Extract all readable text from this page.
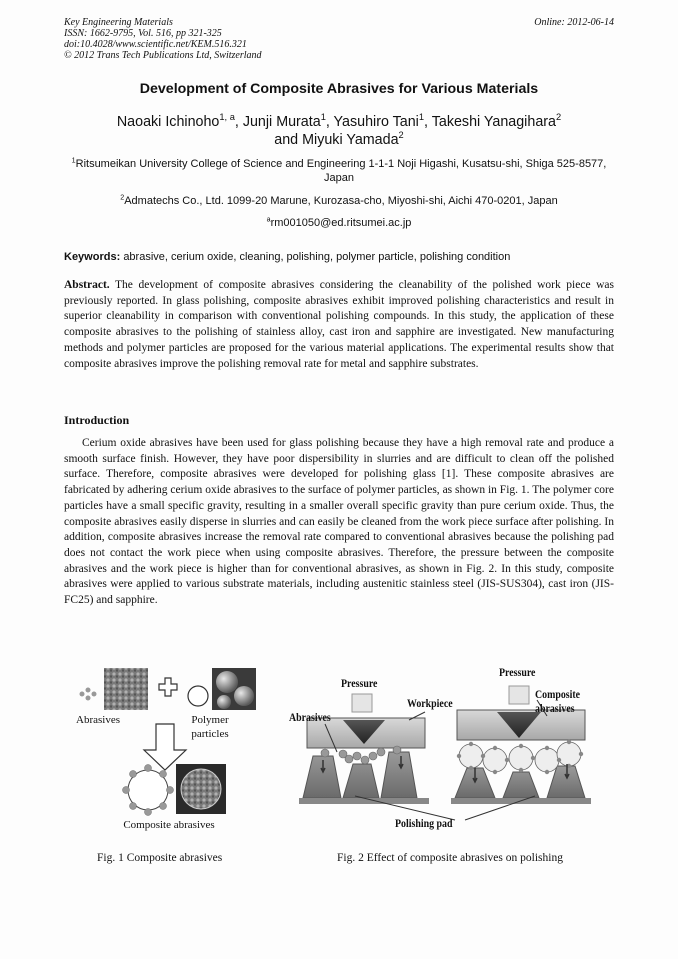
Key Engineering Materials
ISSN: 1662-9795, Vol. 516, pp 321-325
doi:10.4028/www.scientific.net/KEM.516.321
© 2012 Trans Tech Publications Ltd, Switzerland
Online: 2012-06-14
Development of Composite Abrasives for Various Materials
Naoaki Ichinoho$^{1, a}$, Junji Murata$^1$, Yasuhiro Tani$^1$, Takeshi Yanagihara$^2$
and Miyuki Yamada$^2$
$^1$Ritsumeikan University College of Science and Engineering 1-1-1 Noji Higashi, Kusatsu-shi, Shiga 525-8577, Japan
$^2$Admatechs Co., Ltd. 1099-20 Marune, Kurozasa-cho, Miyoshi-shi, Aichi 470-0201, Japan
$^a$rm001050@ed.ritsumei.ac.jp
Keywords: abrasive, cerium oxide, cleaning, polishing, polymer particle, polishing condition

Abstract. The development of composite abrasives considering the cleanability of the polished work piece was previously reported. In glass polishing, composite abrasives exhibit improved polishing characteristics and result in superior cleanability in comparison with conventional polishing compounds. In this study, the application of these composite abrasives to the polishing of stainless alloy, cast iron and sapphire are investigated. New manufacturing methods and polymer particles are proposed for the various material applications. The experimental results show that composite abrasives improve the polishing removal rate for metal and sapphire substrates.

Introduction

Cerium oxide abrasives have been used for glass polishing because they have a high removal rate and produce a smooth surface finish. However, they have poor dispersibility in slurries and are difficult to clean off the polished surface. Therefore, composite abrasives were developed for polishing glass [1]. These composite abrasives are fabricated by adhering cerium oxide abrasives to the surface of polymer particles, as shown in Fig. 1. The polymer core particles have a small specific gravity, resulting in a smaller overall specific gravity than pure cerium oxide. Thus, the composite abrasives easily disperse in slurries and can easily be cleaned from the work piece surface after polishing. In addition, composite abrasives increase the removal rate compared to conventional abrasives because the polishing pad does not contact the work piece when using composite abrasives. Therefore, the pressure between the composite abrasives and the work piece is higher than for conventional abrasives, as shown in Fig. 2. In this study, composite abrasives were applied to various substrate materials, including austenitic stainless steel (JIS-SUS304), cast iron (JIS-FC25) and sapphire.

Abrasives	Polymer
particles
Composite abrasives
Fig. 1 Composite abrasives
Pressure
Pressure
Abrasives
Workpiece
Composite
abrasives
Polishing pad
Fig. 2 Effect of composite abrasives on polishing
